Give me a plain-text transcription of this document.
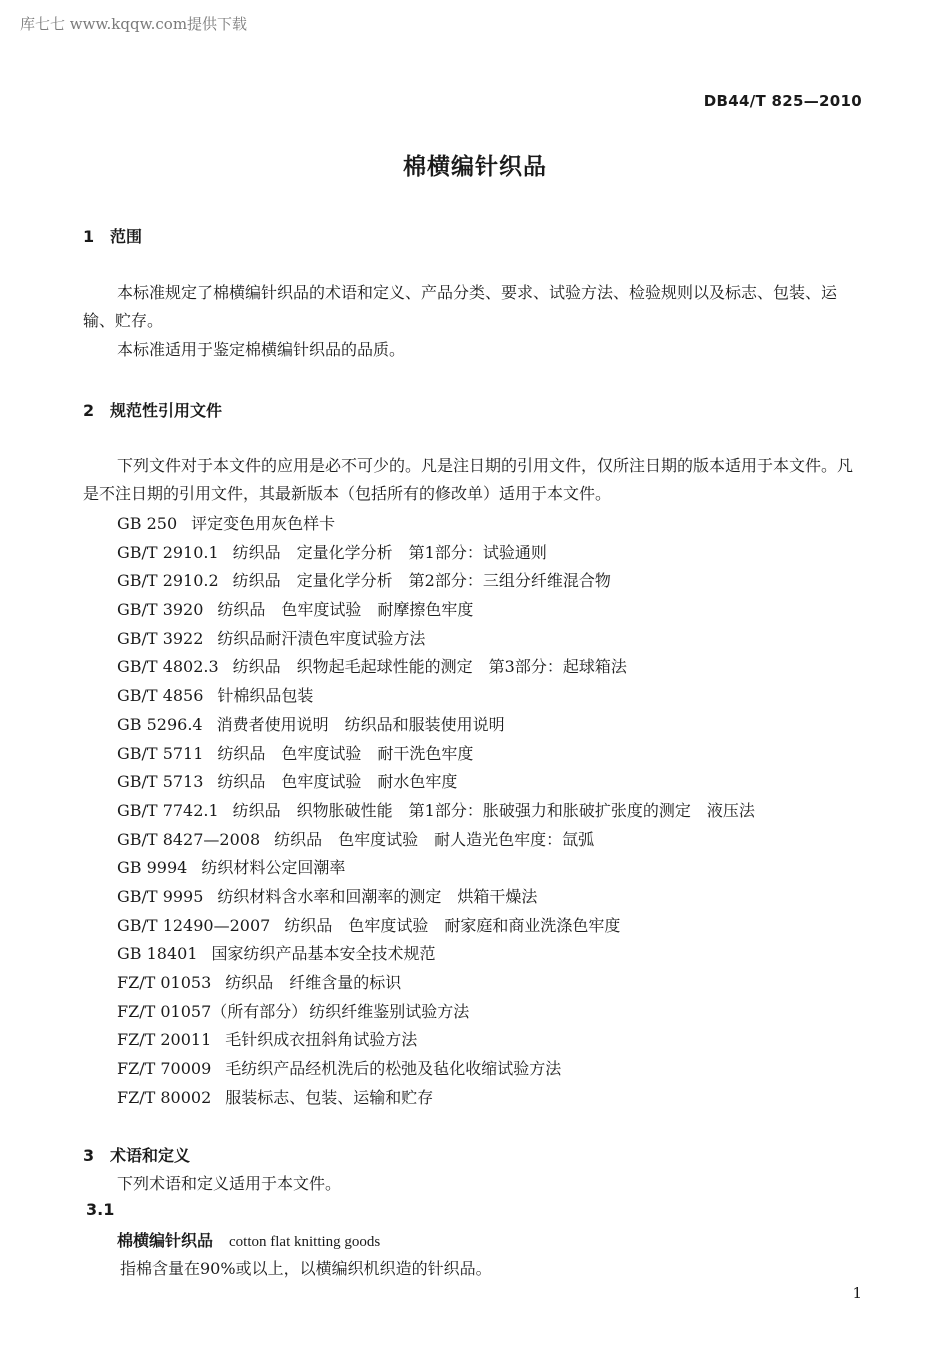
库七七 www.kqqw.com提供下载
DB44/T 825—2010
棉横编针织品
1 范围

本标准规定了棉横编针织品的术语和定义、产品分类、要求、试验方法、检验规则以及标志、包装、运输、贮存。

本标准适用于鉴定棉横编针织品的品质。

2 规范性引用文件

下列文件对于本文件的应用是必不可少的。凡是注日期的引用文件，仅所注日期的版本适用于本文件。凡是不注日期的引用文件，其最新版本（包括所有的修改单）适用于本文件。

GB 250 评定变色用灰色样卡
GB/T 2910.1 纺织品　定量化学分析　第1部分：试验通则
GB/T 2910.2 纺织品　定量化学分析　第2部分：三组分纤维混合物
GB/T 3920 纺织品　色牢度试验　耐摩擦色牢度
GB/T 3922 纺织品耐汗渍色牢度试验方法
GB/T 4802.3 纺织品　织物起毛起球性能的测定　第3部分：起球箱法
GB/T 4856 针棉织品包装
GB 5296.4 消费者使用说明　纺织品和服装使用说明
GB/T 5711 纺织品　色牢度试验　耐干洗色牢度
GB/T 5713 纺织品　色牢度试验　耐水色牢度
GB/T 7742.1 纺织品　织物胀破性能　第1部分：胀破强力和胀破扩张度的测定　液压法
GB/T 8427—2008 纺织品　色牢度试验　耐人造光色牢度：氙弧
GB 9994 纺织材料公定回潮率
GB/T 9995 纺织材料含水率和回潮率的测定　烘箱干燥法
GB/T 12490—2007 纺织品　色牢度试验　耐家庭和商业洗涤色牢度
GB 18401 国家纺织产品基本安全技术规范
FZ/T 01053 纺织品　纤维含量的标识
FZ/T 01057（所有部分） 纺织纤维鉴别试验方法
FZ/T 20011 毛针织成衣扭斜角试验方法
FZ/T 70009 毛纺织产品经机洗后的松弛及毡化收缩试验方法
FZ/T 80002 服装标志、包装、运输和贮存
3 术语和定义
下列术语和定义适用于本文件。
3.1
棉横编针织品 cotton flat knitting goods
指棉含量在90%或以上，以横编织机织造的针织品。
1
